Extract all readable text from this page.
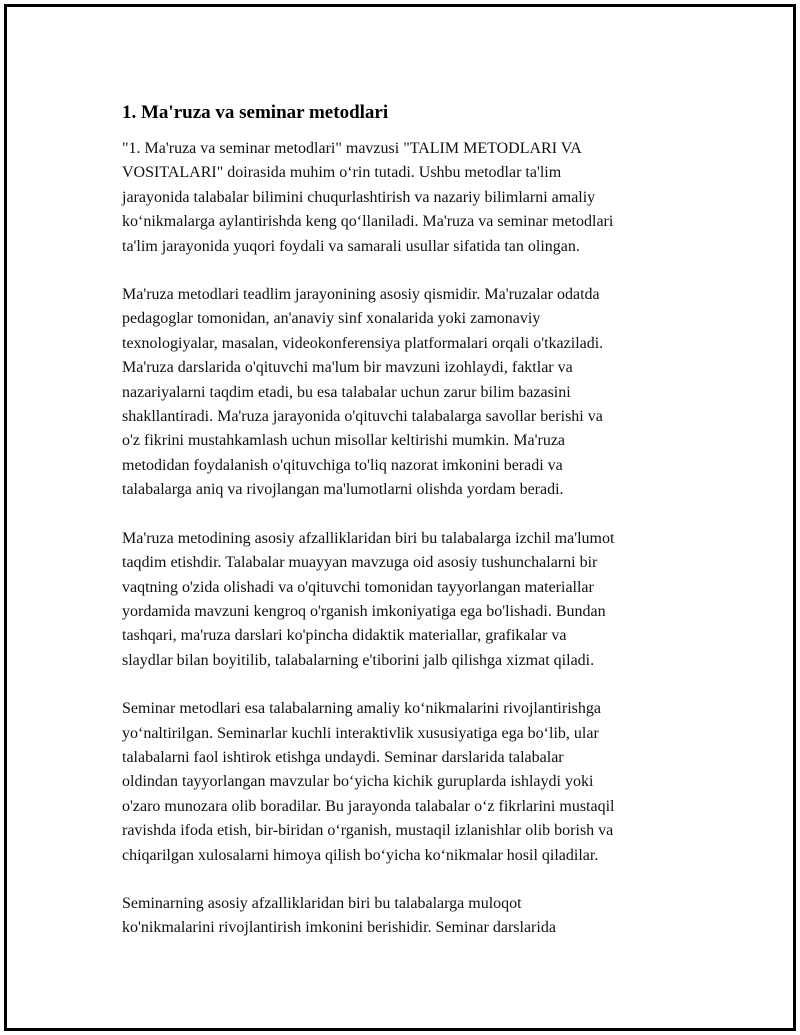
1. Ma'ruza va seminar metodlari

"1. Ma'ruza va seminar metodlari" mavzusi "TALIM METODLARI VA
VOSITALARI" doirasida muhim o‘rin tutadi. Ushbu metodlar ta'lim
jarayonida talabalar bilimini chuqurlashtirish va nazariy bilimlarni amaliy
ko‘nikmalarga aylantirishda keng qo‘llaniladi. Ma'ruza va seminar metodlari
ta'lim jarayonida yuqori foydali va samarali usullar sifatida tan olingan.

Ma'ruza metodlari teadlim jarayonining asosiy qismidir. Ma'ruzalar odatda
pedagoglar tomonidan, an'anaviy sinf xonalarida yoki zamonaviy
texnologiyalar, masalan, videokonferensiya platformalari orqali o'tkaziladi.
Ma'ruza darslarida o'qituvchi ma'lum bir mavzuni izohlaydi, faktlar va
nazariyalarni taqdim etadi, bu esa talabalar uchun zarur bilim bazasini
shakllantiradi. Ma'ruza jarayonida o'qituvchi talabalarga savollar berishi va
o'z fikrini mustahkamlash uchun misollar keltirishi mumkin. Ma'ruza
metodidan foydalanish o'qituvchiga to'liq nazorat imkonini beradi va
talabalarga aniq va rivojlangan ma'lumotlarni olishda yordam beradi.

Ma'ruza metodining asosiy afzalliklaridan biri bu talabalarga izchil ma'lumot
taqdim etishdir. Talabalar muayyan mavzuga oid asosiy tushunchalarni bir
vaqtning o'zida olishadi va o'qituvchi tomonidan tayyorlangan materiallar
yordamida mavzuni kengroq o'rganish imkoniyatiga ega bo'lishadi. Bundan
tashqari, ma'ruza darslari ko'pincha didaktik materiallar, grafikalar va
slaydlar bilan boyitilib, talabalarning e'tiborini jalb qilishga xizmat qiladi.

Seminar metodlari esa talabalarning amaliy ko‘nikmalarini rivojlantirishga
yo‘naltirilgan. Seminarlar kuchli interaktivlik xususiyatiga ega bo‘lib, ular
talabalarni faol ishtirok etishga undaydi. Seminar darslarida talabalar
oldindan tayyorlangan mavzular bo‘yicha kichik guruplarda ishlaydi yoki
o'zaro munozara olib boradilar. Bu jarayonda talabalar o‘z fikrlarini mustaqil
ravishda ifoda etish, bir-biridan o‘rganish, mustaqil izlanishlar olib borish va
chiqarilgan xulosalarni himoya qilish bo‘yicha ko‘nikmalar hosil qiladilar.

Seminarning asosiy afzalliklaridan biri bu talabalarga muloqot
ko'nikmalarini rivojlantirish imkonini berishidir. Seminar darslarida
